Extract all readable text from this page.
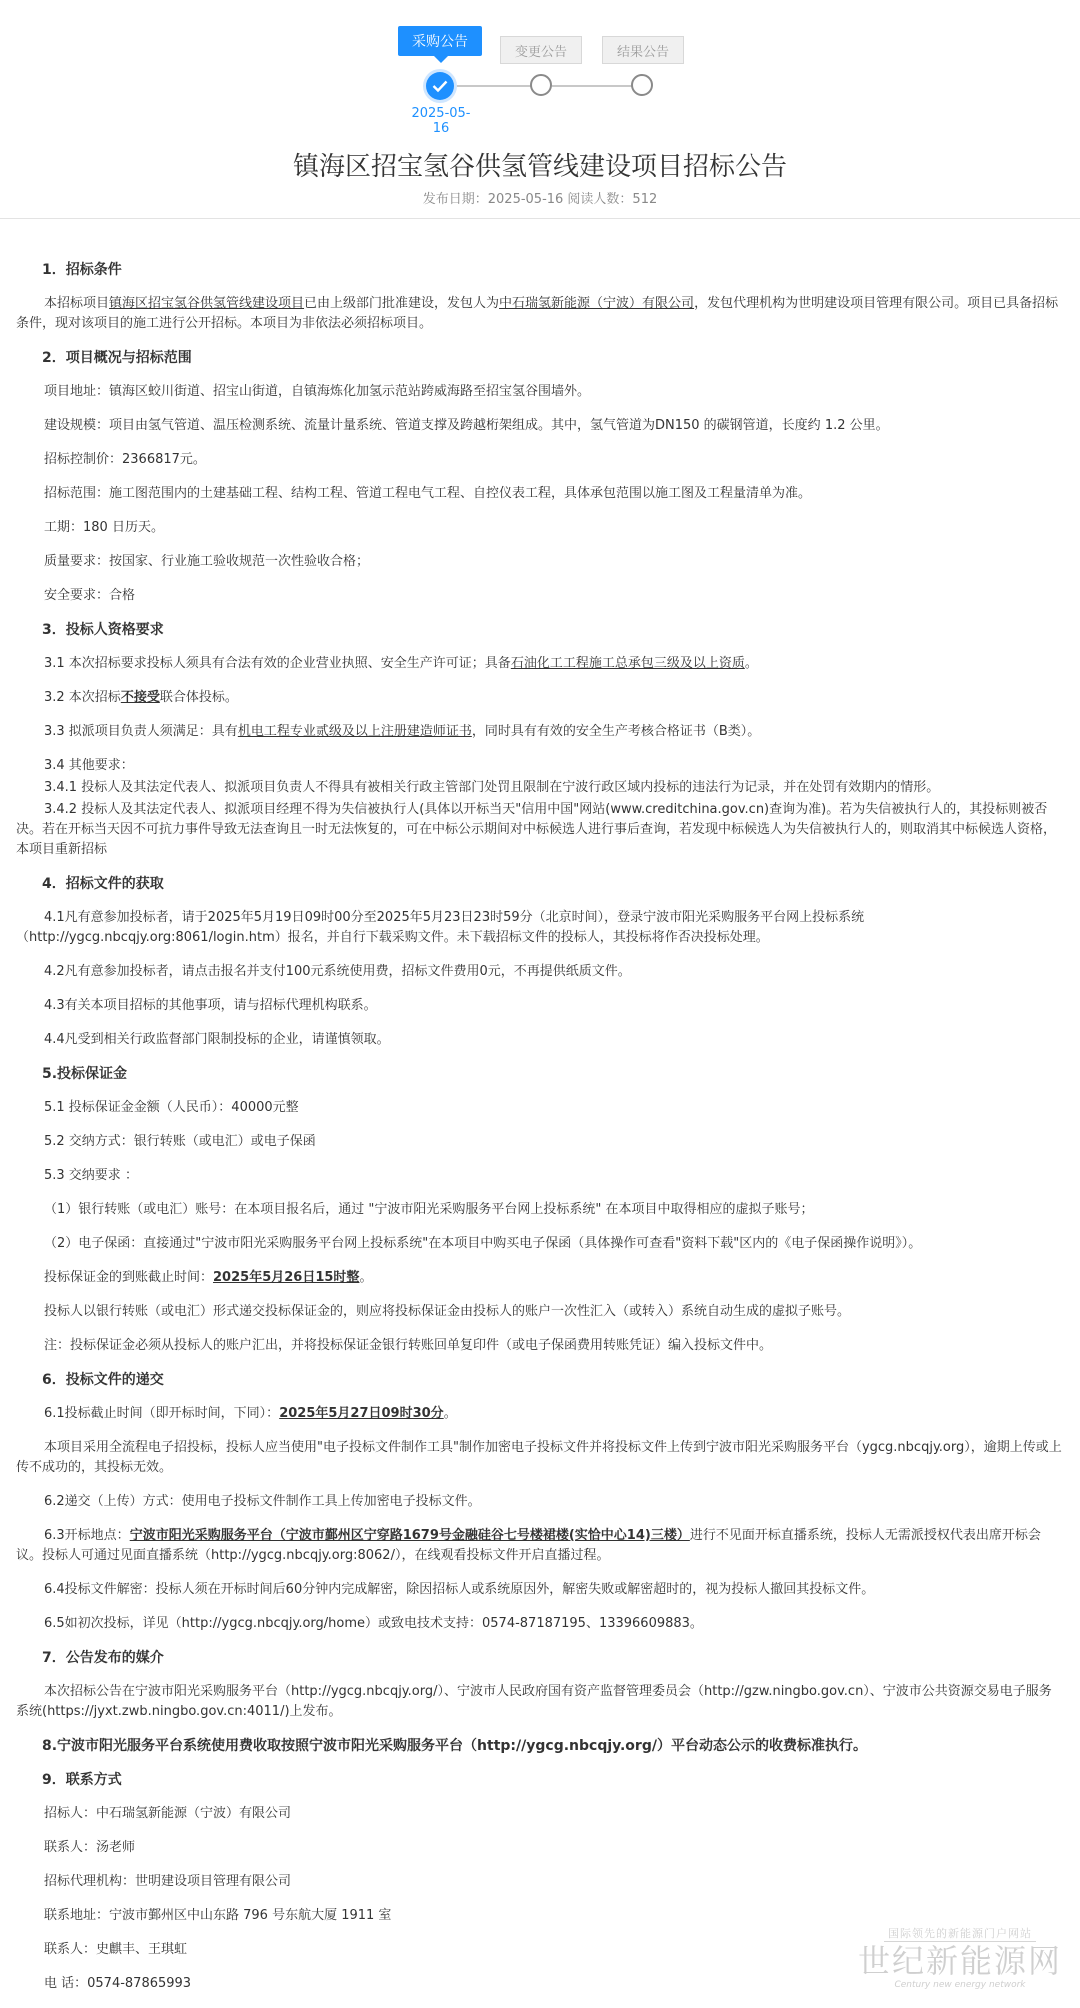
采购公告
变更公告	结果公告
2025-05-16
镇海区招宝氢谷供氢管线建设项目招标公告
发布日期：2025-05-16 阅读人数：512
1．招标条件

本招标项目镇海区招宝氢谷供氢管线建设项目已由上级部门批准建设，发包人为中石瑞氢新能源（宁波）有限公司，发包代理机构为世明建设项目管理有限公司。项目已具备招标条件，现对该项目的施工进行公开招标。本项目为非依法必须招标项目。

2．项目概况与招标范围

项目地址：镇海区蛟川街道、招宝山街道，自镇海炼化加氢示范站跨威海路至招宝氢谷围墙外。

建设规模：项目由氢气管道、温压检测系统、流量计量系统、管道支撑及跨越桁架组成。其中，氢气管道为DN150 的碳钢管道，长度约 1.2 公里。

招标控制价：2366817元。

招标范围：施工图范围内的土建基础工程、结构工程、管道工程电气工程、自控仪表工程，具体承包范围以施工图及工程量清单为准。

工期：180 日历天。

质量要求：按国家、行业施工验收规范一次性验收合格；

安全要求：合格

3．投标人资格要求

3.1 本次招标要求投标人须具有合法有效的企业营业执照、安全生产许可证；具备石油化工工程施工总承包三级及以上资质。

3.2 本次招标不接受联合体投标。

3.3 拟派项目负责人须满足：具有机电工程专业贰级及以上注册建造师证书，同时具有有效的安全生产考核合格证书（B类）。

3.4 其他要求：

3.4.1 投标人及其法定代表人、拟派项目负责人不得具有被相关行政主管部门处罚且限制在宁波行政区域内投标的违法行为记录，并在处罚有效期内的情形。

3.4.2 投标人及其法定代表人、拟派项目经理不得为失信被执行人(具体以开标当天"信用中国"网站(www.creditchina.gov.cn)查询为准)。若为失信被执行人的，其投标则被否决。若在开标当天因不可抗力事件导致无法查询且一时无法恢复的，可在中标公示期间对中标候选人进行事后查询，若发现中标候选人为失信被执行人的，则取消其中标候选人资格，本项目重新招标

4．招标文件的获取

4.1凡有意参加投标者，请于2025年5月19日09时00分至2025年5月23日23时59分（北京时间），登录宁波市阳光采购服务平台网上投标系统（http://ygcg.nbcqjy.org:8061/login.htm）报名，并自行下载采购文件。未下载招标文件的投标人，其投标将作否决投标处理。

4.2凡有意参加投标者，请点击报名并支付100元系统使用费，招标文件费用0元，不再提供纸质文件。

4.3有关本项目招标的其他事项，请与招标代理机构联系。

4.4凡受到相关行政监督部门限制投标的企业，请谨慎领取。

5.投标保证金

5.1 投标保证金金额（人民币）：40000元整

5.2 交纳方式：银行转账（或电汇）或电子保函

5.3 交纳要求 ：

（1）银行转账（或电汇）账号：在本项目报名后，通过 "宁波市阳光采购服务平台网上投标系统" 在本项目中取得相应的虚拟子账号；

（2）电子保函：直接通过"宁波市阳光采购服务平台网上投标系统"在本项目中购买电子保函（具体操作可查看"资料下载"区内的《电子保函操作说明》）。

投标保证金的到账截止时间：2025年5月26日15时整。

投标人以银行转账（或电汇）形式递交投标保证金的，则应将投标保证金由投标人的账户一次性汇入（或转入）系统自动生成的虚拟子账号。

注：投标保证金必须从投标人的账户汇出，并将投标保证金银行转账回单复印件（或电子保函费用转账凭证）编入投标文件中。

6．投标文件的递交

6.1投标截止时间（即开标时间，下同）：2025年5月27日09时30分。

本项目采用全流程电子招投标，投标人应当使用"电子投标文件制作工具"制作加密电子投标文件并将投标文件上传到宁波市阳光采购服务平台（ygcg.nbcqjy.org），逾期上传或上传不成功的，其投标无效。

6.2递交（上传）方式：使用电子投标文件制作工具上传加密电子投标文件。

6.3开标地点：宁波市阳光采购服务平台（宁波市鄞州区宁穿路1679号金融硅谷七号楼裙楼(实恰中心14)三楼）进行不见面开标直播系统，投标人无需派授权代表出席开标会议。投标人可通过见面直播系统（http://ygcg.nbcqjy.org:8062/），在线观看投标文件开启直播过程。

6.4投标文件解密：投标人须在开标时间后60分钟内完成解密，除因招标人或系统原因外，解密失败或解密超时的，视为投标人撤回其投标文件。

6.5如初次投标，详见（http://ygcg.nbcqjy.org/home）或致电技术支持：0574-87187195、13396609883。

7．公告发布的媒介

本次招标公告在宁波市阳光采购服务平台（http://ygcg.nbcqjy.org/）、宁波市人民政府国有资产监督管理委员会（http://gzw.ningbo.gov.cn）、宁波市公共资源交易电子服务系统(https://jyxt.zwb.ningbo.gov.cn:4011/)上发布。

8.宁波市阳光服务平台系统使用费收取按照宁波市阳光采购服务平台（http://ygcg.nbcqjy.org/）平台动态公示的收费标准执行。
9．联系方式

招标人：中石瑞氢新能源（宁波）有限公司

联系人：汤老师

招标代理机构：世明建设项目管理有限公司

联系地址：宁波市鄞州区中山东路 796 号东航大厦 1911 室

联系人：史麒丰、王琪虹

电 话：0574-87865993

国际领先的新能源门户网站
世纪新能源网
Century new energy network
